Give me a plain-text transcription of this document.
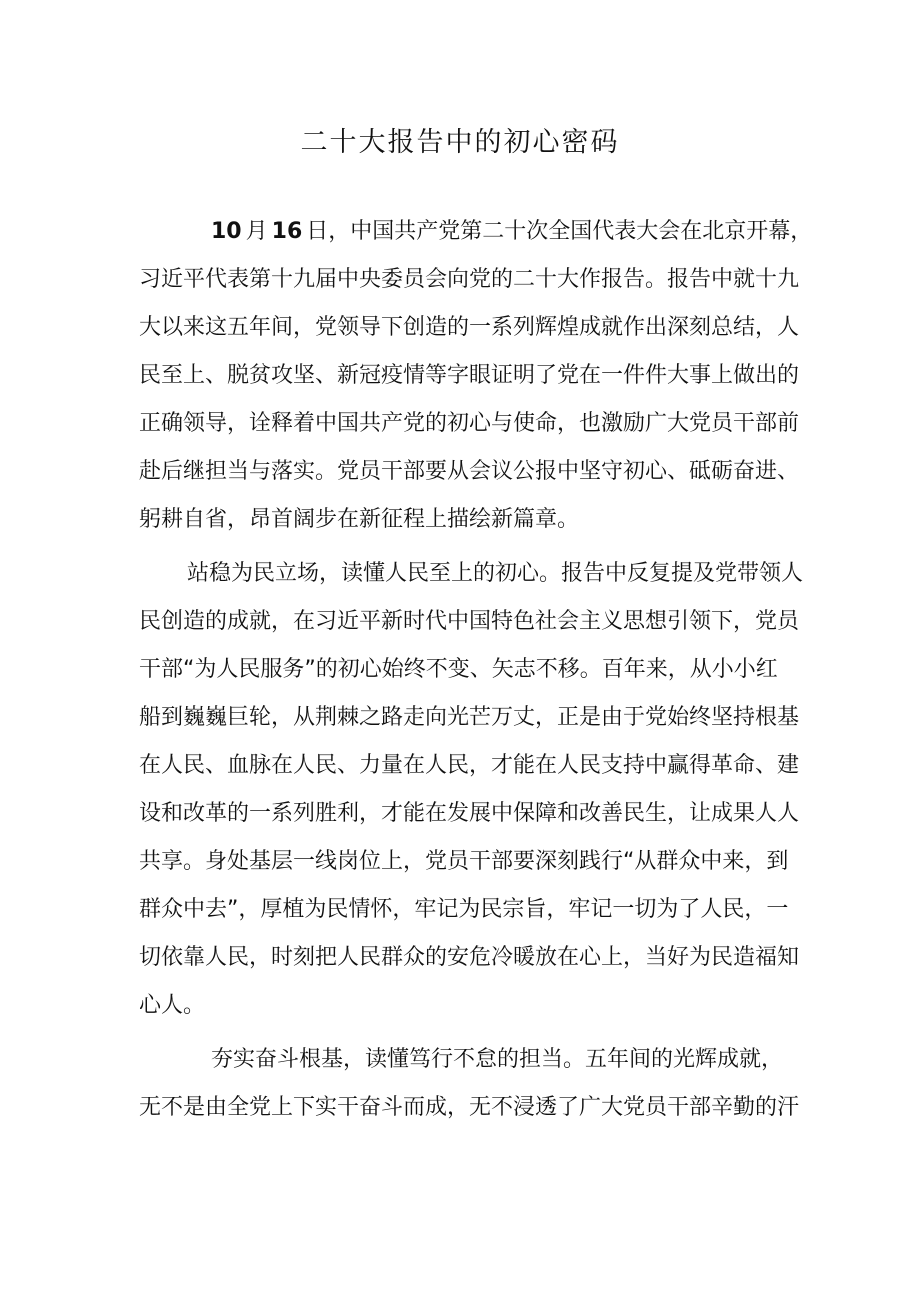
二十大报告中的初心密码
10 月 16 日，中国共产党第二十次全国代表大会在北京开幕，
习近平代表第十九届中央委员会向党的二十大作报告。报告中就十九
大以来这五年间，党领导下创造的一系列辉煌成就作出深刻总结，人
民至上、脱贫攻坚、新冠疫情等字眼证明了党在一件件大事上做出的
正确领导，诠释着中国共产党的初心与使命，也激励广大党员干部前
赴后继担当与落实。党员干部要从会议公报中坚守初心、砥砺奋进、
躬耕自省，昂首阔步在新征程上描绘新篇章。
站稳为民立场，读懂人民至上的初心。报告中反复提及党带领人
民创造的成就，在习近平新时代中国特色社会主义思想引领下，党员
干部“为人民服务”的初心始终不变、矢志不移。百年来，从小小红
船到巍巍巨轮，从荆棘之路走向光芒万丈，正是由于党始终坚持根基
在人民、血脉在人民、力量在人民，才能在人民支持中赢得革命、建
设和改革的一系列胜利，才能在发展中保障和改善民生，让成果人人
共享。身处基层一线岗位上，党员干部要深刻践行“从群众中来，到
群众中去”，厚植为民情怀，牢记为民宗旨，牢记一切为了人民，一
切依靠人民，时刻把人民群众的安危冷暖放在心上，当好为民造福知
心人。
夯实奋斗根基，读懂笃行不怠的担当。五年间的光辉成就，
无不是由全党上下实干奋斗而成，无不浸透了广大党员干部辛勤的汗
